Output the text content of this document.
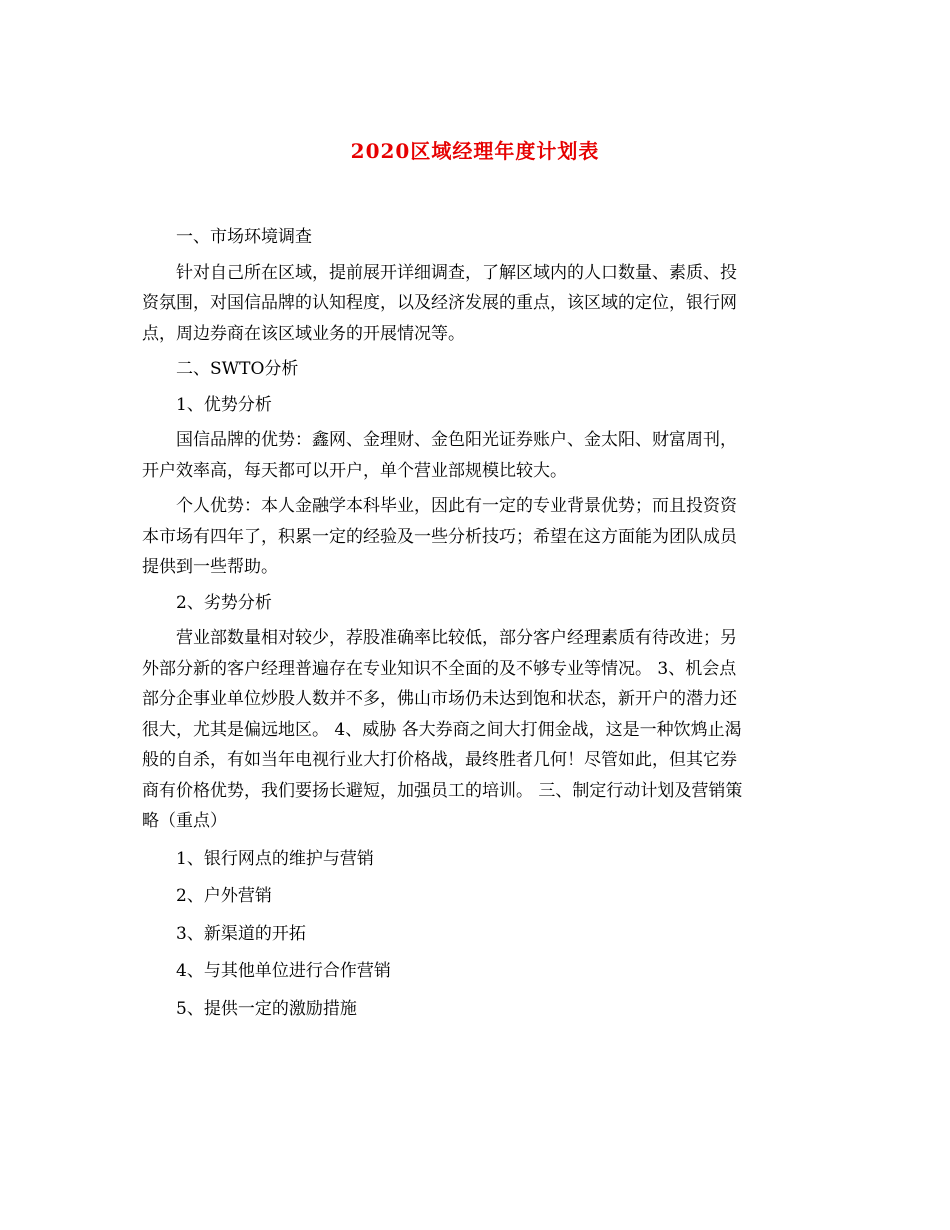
2020区域经理年度计划表

一、市场环境调查

针对自己所在区域，提前展开详细调查，了解区域内的人口数量、素质、投

资氛围，对国信品牌的认知程度，以及经济发展的重点，该区域的定位，银行网

点，周边券商在该区域业务的开展情况等。

二、SWTO分析

1、优势分析

国信品牌的优势：鑫网、金理财、金色阳光证券账户、金太阳、财富周刊，

开户效率高，每天都可以开户，单个营业部规模比较大。

个人优势：本人金融学本科毕业，因此有一定的专业背景优势；而且投资资

本市场有四年了，积累一定的经验及一些分析技巧；希望在这方面能为团队成员

提供到一些帮助。

2、劣势分析

营业部数量相对较少，荐股准确率比较低，部分客户经理素质有待改进；另

外部分新的客户经理普遍存在专业知识不全面的及不够专业等情况。 3、机会点

部分企事业单位炒股人数并不多，佛山市场仍未达到饱和状态，新开户的潜力还

很大，尤其是偏远地区。 4、威胁 各大券商之间大打佣金战，这是一种饮鸩止渴

般的自杀，有如当年电视行业大打价格战，最终胜者几何！尽管如此，但其它券

商有价格优势，我们要扬长避短，加强员工的培训。 三、制定行动计划及营销策

略（重点）

1、银行网点的维护与营销

2、户外营销

3、新渠道的开拓

4、与其他单位进行合作营销

5、提供一定的激励措施
